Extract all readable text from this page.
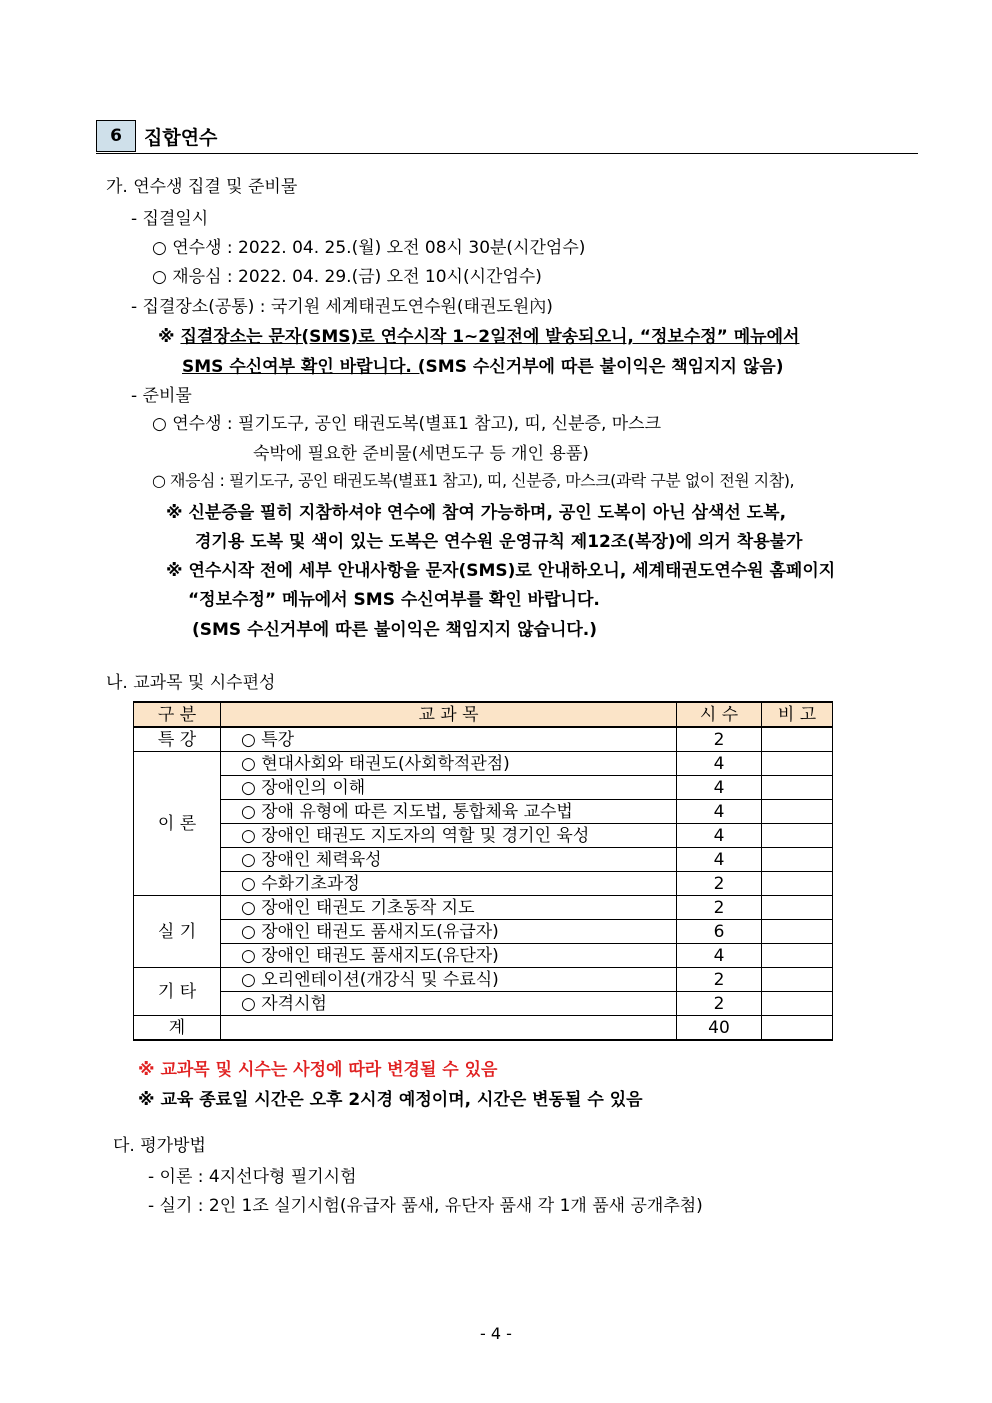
6	집합연수
가. 연수생 집결 및 준비물
- 집결일시
○ 연수생 : 2022. 04. 25.(월) 오전 08시 30분(시간엄수)
○ 재응심 : 2022. 04. 29.(금) 오전 10시(시간엄수)
- 집결장소(공통) : 국기원 세계태권도연수원(태권도원內)
※ 집결장소는 문자(SMS)로 연수시작 1~2일전에 발송되오니, “정보수정” 메뉴에서
SMS 수신여부 확인 바랍니다. (SMS 수신거부에 따른 불이익은 책임지지 않음)
- 준비물
○ 연수생 : 필기도구, 공인 태권도복(별표1 참고), 띠, 신분증, 마스크
숙박에 필요한 준비물(세면도구 등 개인 용품)
○ 재응심 : 필기도구, 공인 태권도복(별표1 참고), 띠, 신분증, 마스크(과락 구분 없이 전원 지참),
※ 신분증을 필히 지참하셔야 연수에 참여 가능하며, 공인 도복이 아닌 삼색선 도복,
경기용 도복 및 색이 있는 도복은 연수원 운영규칙 제12조(복장)에 의거 착용불가
※ 연수시작 전에 세부 안내사항을 문자(SMS)로 안내하오니, 세계태권도연수원 홈페이지
“정보수정” 메뉴에서 SMS 수신여부를 확인 바랍니다.
(SMS 수신거부에 따른 불이익은 책임지지 않습니다.)
나. 교과목 및 시수편성
구 분	교 과 목	시 수	비 고
특 강	○ 특강	2	
이 론	○ 현대사회와 태권도(사회학적관점)	4	
	○ 장애인의 이해	4	
	○ 장애 유형에 따른 지도법, 통합체육 교수법	4	
	○ 장애인 태권도 지도자의 역할 및 경기인 육성	4	
	○ 장애인 체력육성	4	
	○ 수화기초과정	2	
실 기	○ 장애인 태권도 기초동작 지도	2	
	○ 장애인 태권도 품새지도(유급자)	6	
	○ 장애인 태권도 품새지도(유단자)	4	
기 타	○ 오리엔테이션(개강식 및 수료식)	2	
	○ 자격시험	2	
계		40	
※ 교과목 및 시수는 사정에 따라 변경될 수 있음
※ 교육 종료일 시간은 오후 2시경 예정이며, 시간은 변동될 수 있음
다. 평가방법
- 이론 : 4지선다형 필기시험
- 실기 : 2인 1조 실기시험(유급자 품새, 유단자 품새 각 1개 품새 공개추첨)
- 4 -
